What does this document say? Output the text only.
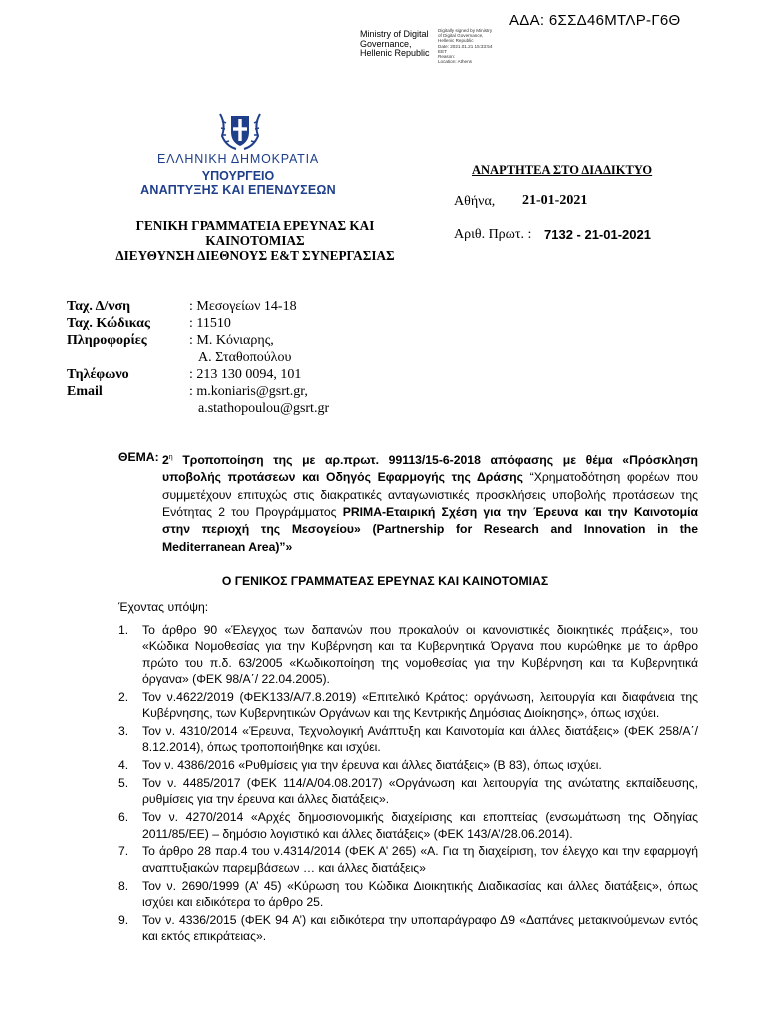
ΑΔΑ: 6ΣΣΔ46ΜΤΛΡ-Γ6Θ
Ministry of Digital
Governance,
Hellenic Republic
Digitally signed by Ministry
of Digital Governance,
Hellenic Republic
Date: 2021.01.21 15:33:54
EET
Reason:
Location: Athens
ΕΛΛΗΝΙΚΗ ΔΗΜΟΚΡΑΤΙΑ
ΥΠΟΥΡΓΕΙΟ
ΑΝΑΠΤΥΞΗΣ ΚΑΙ ΕΠΕΝΔΥΣΕΩΝ
ΑΝΑΡΤΗΤΕΑ ΣΤΟ ΔΙΑΔΙΚΤΥΟ
Αθήνα, 21-01-2021
Αριθ. Πρωτ. : 7132 - 21-01-2021
ΓΕΝΙΚΗ ΓΡΑΜΜΑΤΕΙΑ ΕΡΕΥΝΑΣ ΚΑΙ
ΚΑΙΝΟΤΟΜΙΑΣ
ΔΙΕΥΘΥΝΣΗ ΔΙΕΘΝΟΥΣ Ε&Τ ΣΥΝΕΡΓΑΣΙΑΣ
Ταχ. Δ/νση	: Μεσογείων 14-18
Ταχ. Κώδικας	: 11510
Πληροφορίες	: Μ. Κόνιαρης,
Α. Σταθοπούλου
Τηλέφωνο	: 213 130 0094, 101
Email	: m.koniaris@gsrt.gr,
a.stathopoulou@gsrt.gr
ΘΕΜΑ: $2^\eta$ Τροποποίηση της με αρ.πρωτ. 99113/15-6-2018 απόφασης με θέμα «Πρόσκληση υποβολής προτάσεων και Οδηγός Εφαρμογής της Δράσης “Χρηματοδότηση φορέων που συμμετέχουν επιτυχώς στις διακρατικές ανταγωνιστικές προσκλήσεις υποβολής προτάσεων της Ενότητας 2 του Προγράμματος PRIMA-Εταιρική Σχέση για την Έρευνα και την Καινοτομία στην περιοχή της Μεσογείου» (Partnership for Research and Innovation in the Mediterranean Area)”»
Ο ΓΕΝΙΚΟΣ ΓΡΑΜΜΑΤΕΑΣ ΕΡΕΥΝΑΣ ΚΑΙ ΚΑΙΝΟΤΟΜΙΑΣ
Έχοντας υπόψη:
1. Το άρθρο 90 «Έλεγχος των δαπανών που προκαλούν οι κανονιστικές διοικητικές πράξεις», του «Κώδικα Νομοθεσίας για την Κυβέρνηση και τα Κυβερνητικά Όργανα που κυρώθηκε με το άρθρο πρώτο του π.δ. 63/2005 «Κωδικοποίηση της νομοθεσίας για την Κυβέρνηση και τα Κυβερνητικά όργανα» (ΦΕΚ 98/Α΄/ 22.04.2005).
2. Τον ν.4622/2019 (ΦΕΚ133/Α/7.8.2019) «Επιτελικό Κράτος: οργάνωση, λειτουργία και διαφάνεια της Κυβέρνησης, των Κυβερνητικών Οργάνων και της Κεντρικής Δημόσιας Διοίκησης», όπως ισχύει.
3. Τον ν. 4310/2014 «Έρευνα, Τεχνολογική Ανάπτυξη και Καινοτομία και άλλες διατάξεις» (ΦΕΚ 258/Α΄/ 8.12.2014), όπως τροποποιήθηκε και ισχύει.
4. Τον ν. 4386/2016 «Ρυθμίσεις για την έρευνα και άλλες διατάξεις» (Β 83), όπως ισχύει.
5. Τον ν. 4485/2017 (ΦΕΚ 114/Α/04.08.2017) «Οργάνωση και λειτουργία της ανώτατης εκπαίδευσης, ρυθμίσεις για την έρευνα και άλλες διατάξεις».
6. Τον ν. 4270/2014 «Αρχές δημοσιονομικής διαχείρισης και εποπτείας (ενσωμάτωση της Οδηγίας 2011/85/ΕΕ) – δημόσιο λογιστικό και άλλες διατάξεις» (ΦΕΚ 143/Α’/28.06.2014).
7. Το άρθρο 28 παρ.4 του ν.4314/2014 (ΦΕΚ Α’ 265) «Α. Για τη διαχείριση, τον έλεγχο και την εφαρμογή αναπτυξιακών παρεμβάσεων … και άλλες διατάξεις»
8. Τον ν. 2690/1999 (Α’ 45) «Κύρωση του Κώδικα Διοικητικής Διαδικασίας και άλλες διατάξεις», όπως ισχύει και ειδικότερα το άρθρο 25.
9. Τον ν. 4336/2015 (ΦΕΚ 94 Α’) και ειδικότερα την υποπαράγραφο Δ9 «Δαπάνες μετακινούμενων εντός και εκτός επικράτειας».
